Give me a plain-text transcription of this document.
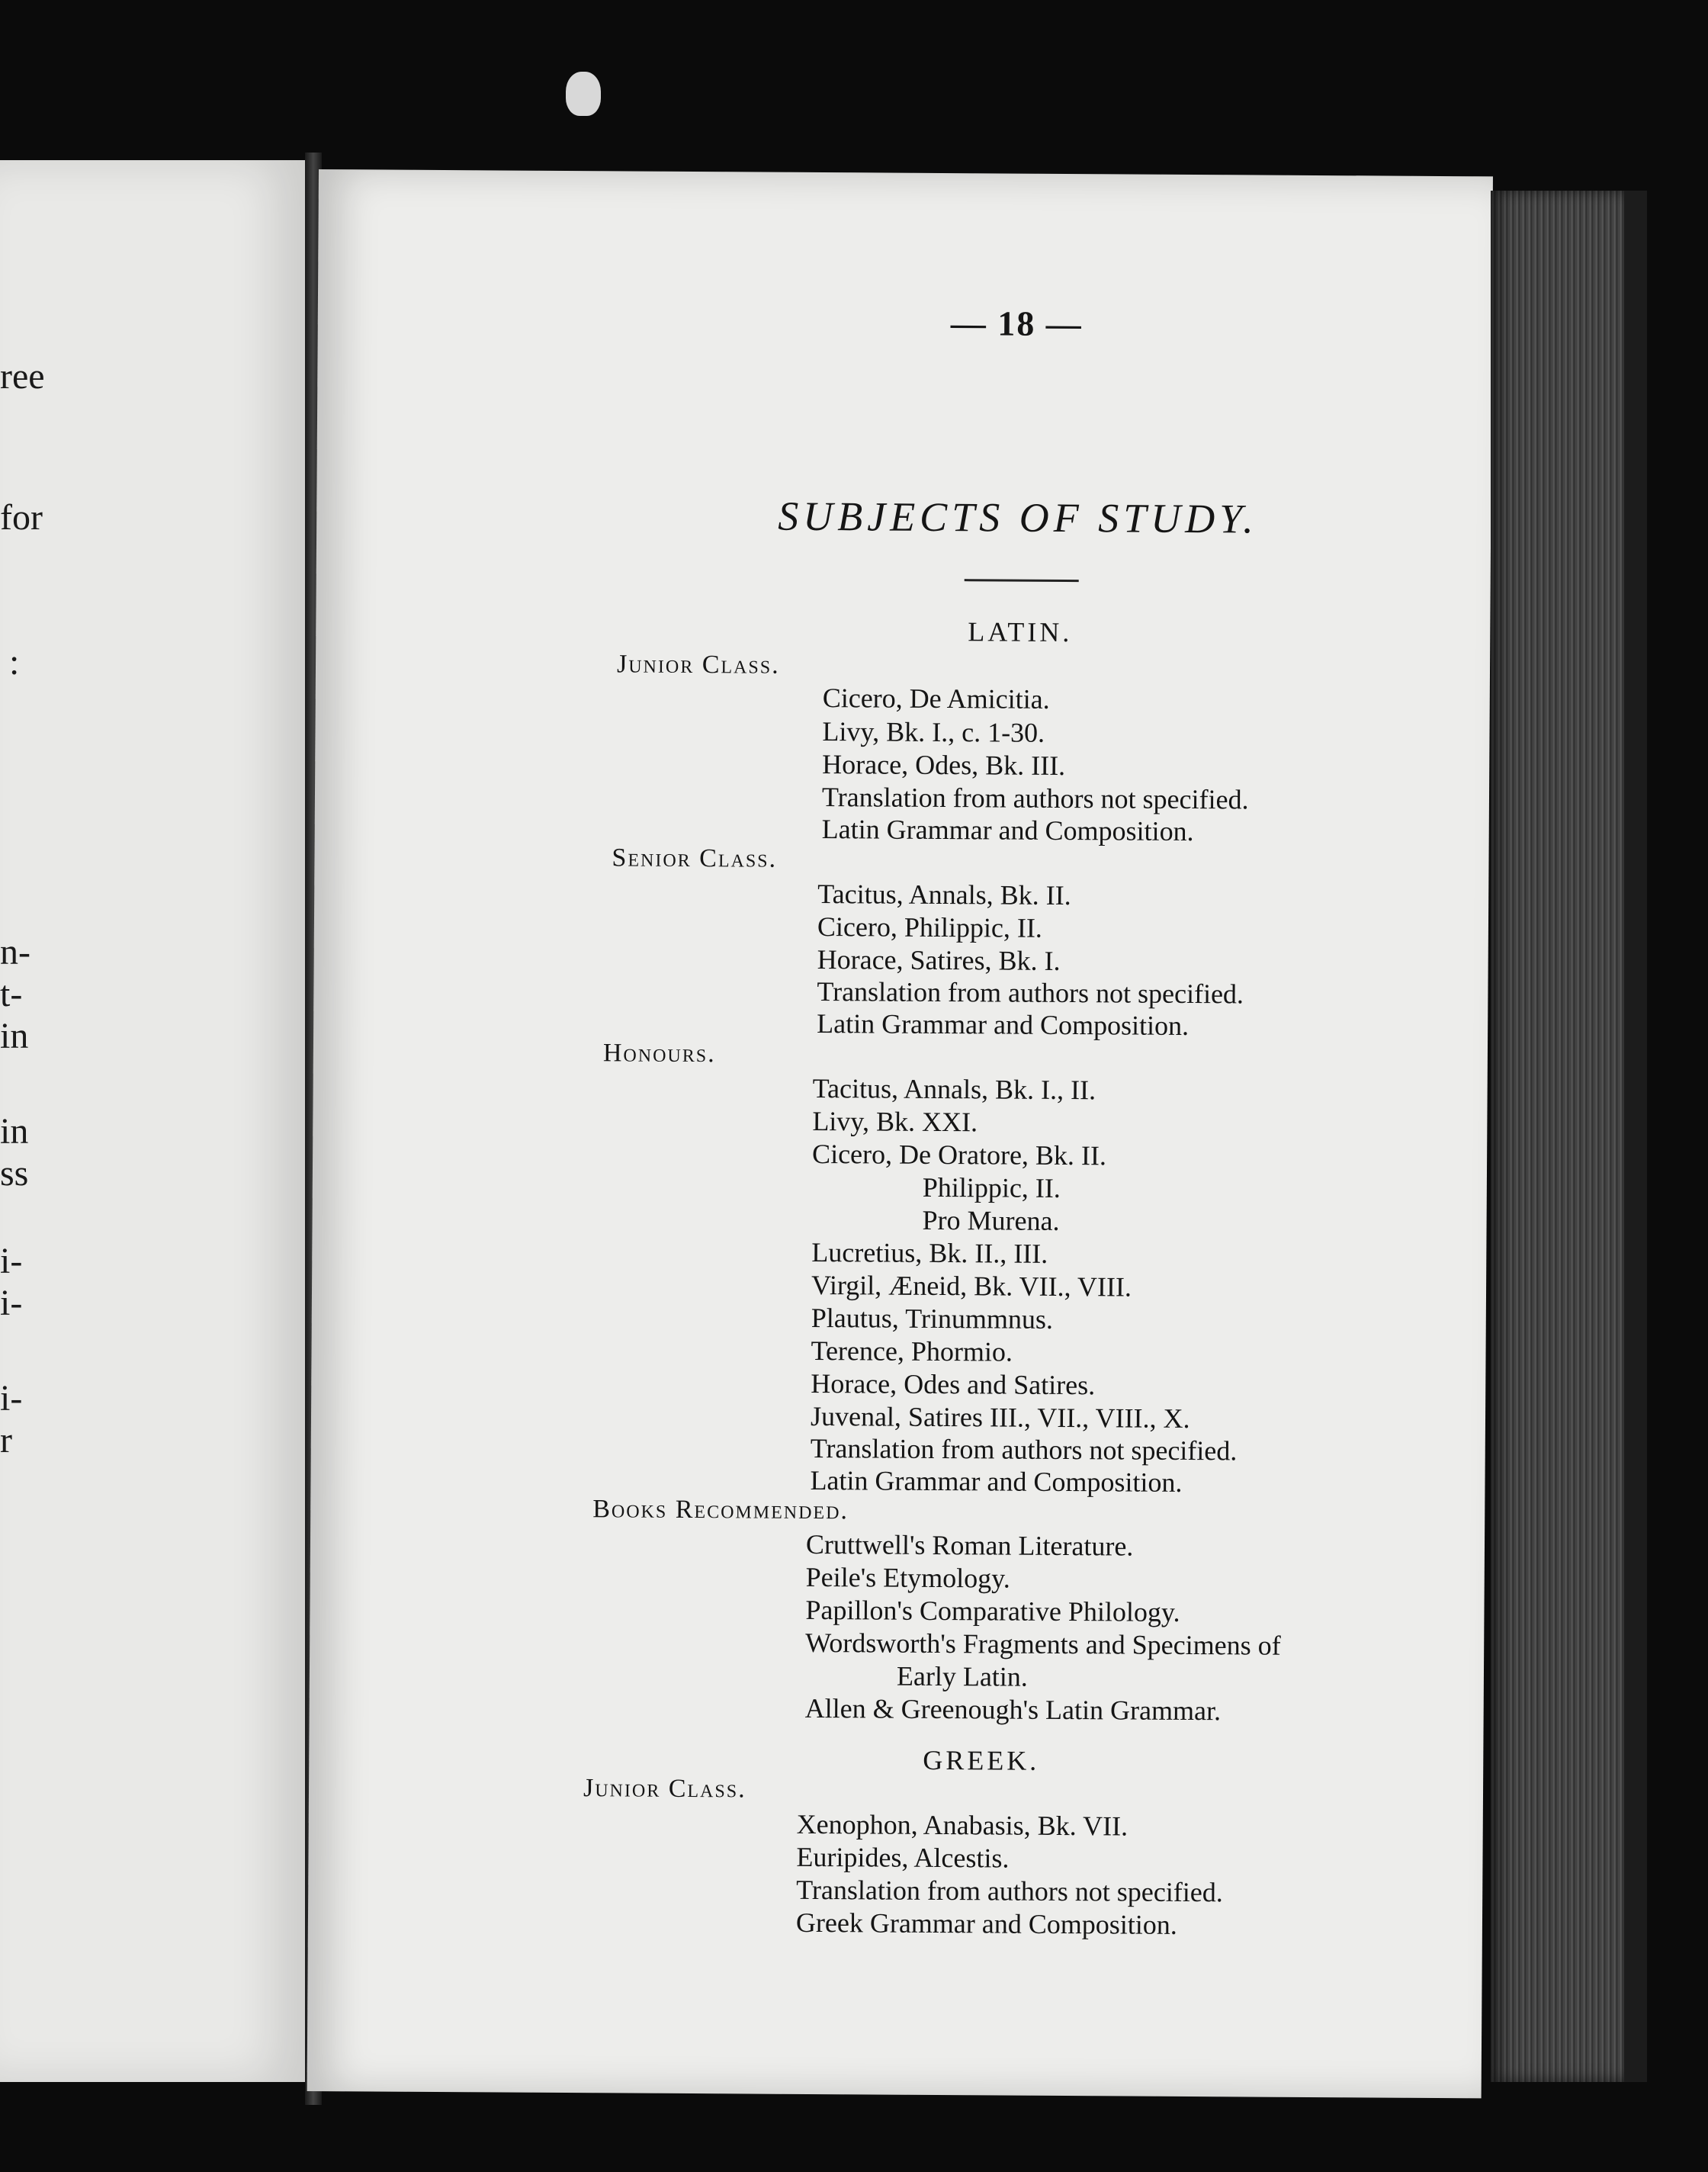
ree
for
:
n-
t-
in
in
ss
i-
i-
i-
r
— 18 —
SUBJECTS OF STUDY.
LATIN.
Junior Class.
Cicero, De Amicitia.
Livy, Bk. I., c. 1-30.
Horace, Odes, Bk. III.
Translation from authors not specified.
Latin Grammar and Composition.
Senior Class.
Tacitus, Annals, Bk. II.
Cicero, Philippic, II.
Horace, Satires, Bk. I.
Translation from authors not specified.
Latin Grammar and Composition.
Honours.
Tacitus, Annals, Bk. I., II.
Livy, Bk. XXI.
Cicero, De Oratore, Bk. II.
Philippic, II.
Pro Murena.
Lucretius, Bk. II., III.
Virgil, Æneid, Bk. VII., VIII.
Plautus, Trinummnus.
Terence, Phormio.
Horace, Odes and Satires.
Juvenal, Satires III., VII., VIII., X.
Translation from authors not specified.
Latin Grammar and Composition.
Books Recommended.
Cruttwell's Roman Literature.
Peile's Etymology.
Papillon's Comparative Philology.
Wordsworth's Fragments and Specimens of
Early Latin.
Allen & Greenough's Latin Grammar.
GREEK.
Junior Class.
Xenophon, Anabasis, Bk. VII.
Euripides, Alcestis.
Translation from authors not specified.
Greek Grammar and Composition.
